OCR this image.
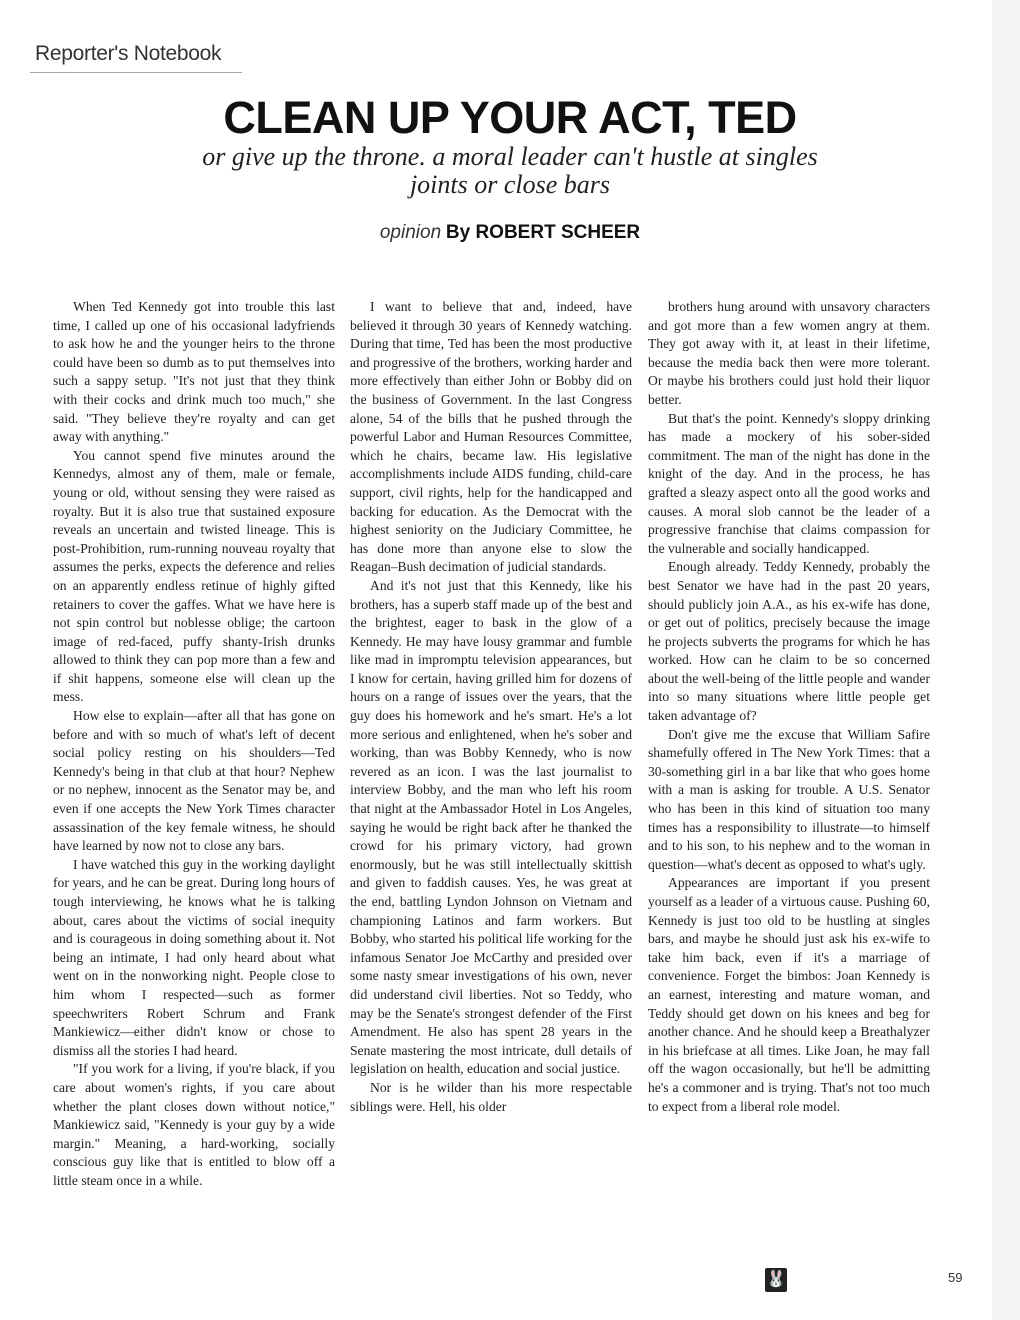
Reporter's Notebook
CLEAN UP YOUR ACT, TED
or give up the throne. a moral leader can't hustle at singles joints or close bars
opinion By ROBERT SCHEER

When Ted Kennedy got into trouble this last time, I called up one of his occasional ladyfriends to ask how he and the younger heirs to the throne could have been so dumb as to put themselves into such a sappy setup. "It's not just that they think with their cocks and drink much too much," she said. "They believe they're royalty and can get away with anything."

You cannot spend five minutes around the Kennedys, almost any of them, male or female, young or old, without sensing they were raised as royalty. But it is also true that sustained exposure reveals an uncertain and twisted lineage. This is post-Prohibition, rum-running nouveau royalty that assumes the perks, expects the deference and relies on an apparently endless retinue of highly gifted retainers to cover the gaffes. What we have here is not spin control but noblesse oblige; the cartoon image of red-faced, puffy shanty-Irish drunks allowed to think they can pop more than a few and if shit happens, someone else will clean up the mess.

How else to explain—after all that has gone on before and with so much of what's left of decent social policy resting on his shoulders—Ted Kennedy's being in that club at that hour? Nephew or no nephew, innocent as the Senator may be, and even if one accepts the New York Times character assassination of the key female witness, he should have learned by now not to close any bars.

I have watched this guy in the working daylight for years, and he can be great. During long hours of tough interviewing, he knows what he is talking about, cares about the victims of social inequity and is courageous in doing something about it. Not being an intimate, I had only heard about what went on in the nonworking night. People close to him whom I respected—such as former speechwriters Robert Schrum and Frank Mankiewicz—either didn't know or chose to dismiss all the stories I had heard.

"If you work for a living, if you're black, if you care about women's rights, if you care about whether the plant closes down without notice," Mankiewicz said, "Kennedy is your guy by a wide margin." Meaning, a hard-working, socially conscious guy like that is entitled to blow off a little steam once in a while.

I want to believe that and, indeed, have believed it through 30 years of Kennedy watching. During that time, Ted has been the most productive and progressive of the brothers, working harder and more effectively than either John or Bobby did on the business of Government. In the last Congress alone, 54 of the bills that he pushed through the powerful Labor and Human Resources Committee, which he chairs, became law. His legislative accomplishments include AIDS funding, child-care support, civil rights, help for the handicapped and backing for education. As the Democrat with the highest seniority on the Judiciary Committee, he has done more than anyone else to slow the Reagan–Bush decimation of judicial standards.

And it's not just that this Kennedy, like his brothers, has a superb staff made up of the best and the brightest, eager to bask in the glow of a Kennedy. He may have lousy grammar and fumble like mad in impromptu television appearances, but I know for certain, having grilled him for dozens of hours on a range of issues over the years, that the guy does his homework and he's smart. He's a lot more serious and enlightened, when he's sober and working, than was Bobby Kennedy, who is now revered as an icon. I was the last journalist to interview Bobby, and the man who left his room that night at the Ambassador Hotel in Los Angeles, saying he would be right back after he thanked the crowd for his primary victory, had grown enormously, but he was still intellectually skittish and given to faddish causes. Yes, he was great at the end, battling Lyndon Johnson on Vietnam and championing Latinos and farm workers. But Bobby, who started his political life working for the infamous Senator Joe McCarthy and presided over some nasty smear investigations of his own, never did understand civil liberties. Not so Teddy, who may be the Senate's strongest defender of the First Amendment. He also has spent 28 years in the Senate mastering the most intricate, dull details of legislation on health, education and social justice.

Nor is he wilder than his more respectable siblings were. Hell, his older

brothers hung around with unsavory characters and got more than a few women angry at them. They got away with it, at least in their lifetime, because the media back then were more tolerant. Or maybe his brothers could just hold their liquor better.

But that's the point. Kennedy's sloppy drinking has made a mockery of his sober-sided commitment. The man of the night has done in the knight of the day. And in the process, he has grafted a sleazy aspect onto all the good works and causes. A moral slob cannot be the leader of a progressive franchise that claims compassion for the vulnerable and socially handicapped.

Enough already. Teddy Kennedy, probably the best Senator we have had in the past 20 years, should publicly join A.A., as his ex-wife has done, or get out of politics, precisely because the image he projects subverts the programs for which he has worked. How can he claim to be so concerned about the well-being of the little people and wander into so many situations where little people get taken advantage of?

Don't give me the excuse that William Safire shamefully offered in The New York Times: that a 30-something girl in a bar like that who goes home with a man is asking for trouble. A U.S. Senator who has been in this kind of situation too many times has a responsibility to illustrate—to himself and to his son, to his nephew and to the woman in question—what's decent as opposed to what's ugly.

Appearances are important if you present yourself as a leader of a virtuous cause. Pushing 60, Kennedy is just too old to be hustling at singles bars, and maybe he should just ask his ex-wife to take him back, even if it's a marriage of convenience. Forget the bimbos: Joan Kennedy is an earnest, interesting and mature woman, and Teddy should get down on his knees and beg for another chance. And he should keep a Breathalyzer in his briefcase at all times. Like Joan, he may fall off the wagon occasionally, but he'll be admitting he's a commoner and is trying. That's not too much to expect from a liberal role model.

🐰	59
